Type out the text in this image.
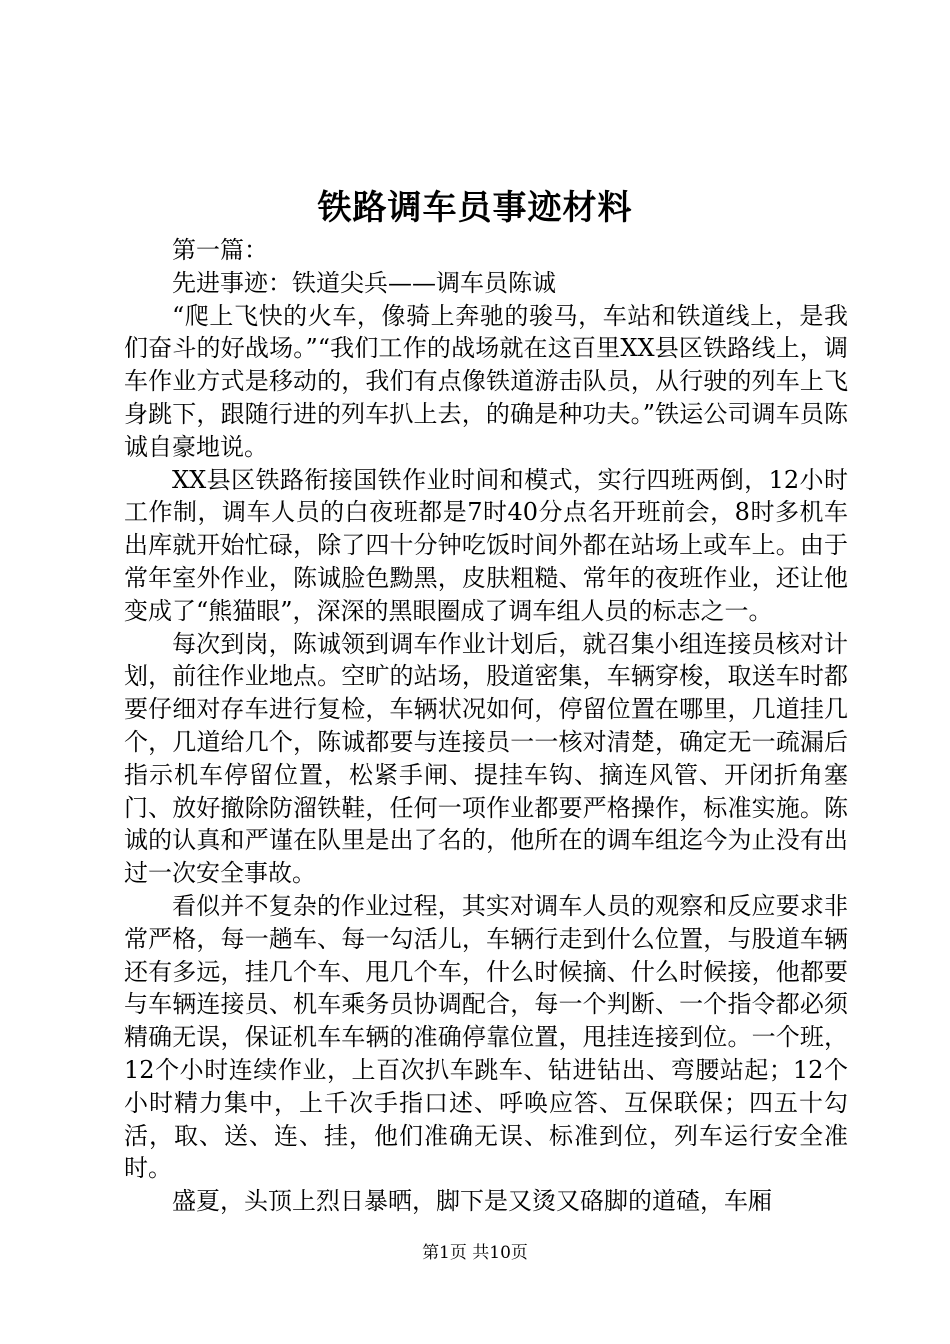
铁路调车员事迹材料

第一篇：

先进事迹：铁道尖兵——调车员陈诚

“爬上飞快的火车，像骑上奔驰的骏马，车站和铁道线上，是我们奋斗的好战场。”“我们工作的战场就在这百里XX县区铁路线上，调车作业方式是移动的，我们有点像铁道游击队员，从行驶的列车上飞身跳下，跟随行进的列车扒上去，的确是种功夫。”铁运公司调车员陈诚自豪地说。

XX县区铁路衔接国铁作业时间和模式，实行四班两倒，12小时工作制，调车人员的白夜班都是7时40分点名开班前会，8时多机车出库就开始忙碌，除了四十分钟吃饭时间外都在站场上或车上。由于常年室外作业，陈诚脸色黝黑，皮肤粗糙、常年的夜班作业，还让他变成了“熊猫眼”，深深的黑眼圈成了调车组人员的标志之一。

每次到岗，陈诚领到调车作业计划后，就召集小组连接员核对计划，前往作业地点。空旷的站场，股道密集，车辆穿梭，取送车时都要仔细对存车进行复检，车辆状况如何，停留位置在哪里，几道挂几个，几道给几个，陈诚都要与连接员一一核对清楚，确定无一疏漏后指示机车停留位置，松紧手闸、提挂车钩、摘连风管、开闭折角塞门、放好撤除防溜铁鞋，任何一项作业都要严格操作，标准实施。陈诚的认真和严谨在队里是出了名的，他所在的调车组迄今为止没有出过一次安全事故。

看似并不复杂的作业过程，其实对调车人员的观察和反应要求非常严格，每一趟车、每一勾活儿，车辆行走到什么位置，与股道车辆还有多远，挂几个车、甩几个车，什么时候摘、什么时候接，他都要与车辆连接员、机车乘务员协调配合，每一个判断、一个指令都必须精确无误，保证机车车辆的准确停靠位置，甩挂连接到位。一个班，12个小时连续作业，上百次扒车跳车、钻进钻出、弯腰站起；12个小时精力集中，上千次手指口述、呼唤应答、互保联保；四五十勾活，取、送、连、挂，他们准确无误、标准到位，列车运行安全准时。

盛夏，头顶上烈日暴晒，脚下是又烫又硌脚的道碴，车厢

第1页 共10页
